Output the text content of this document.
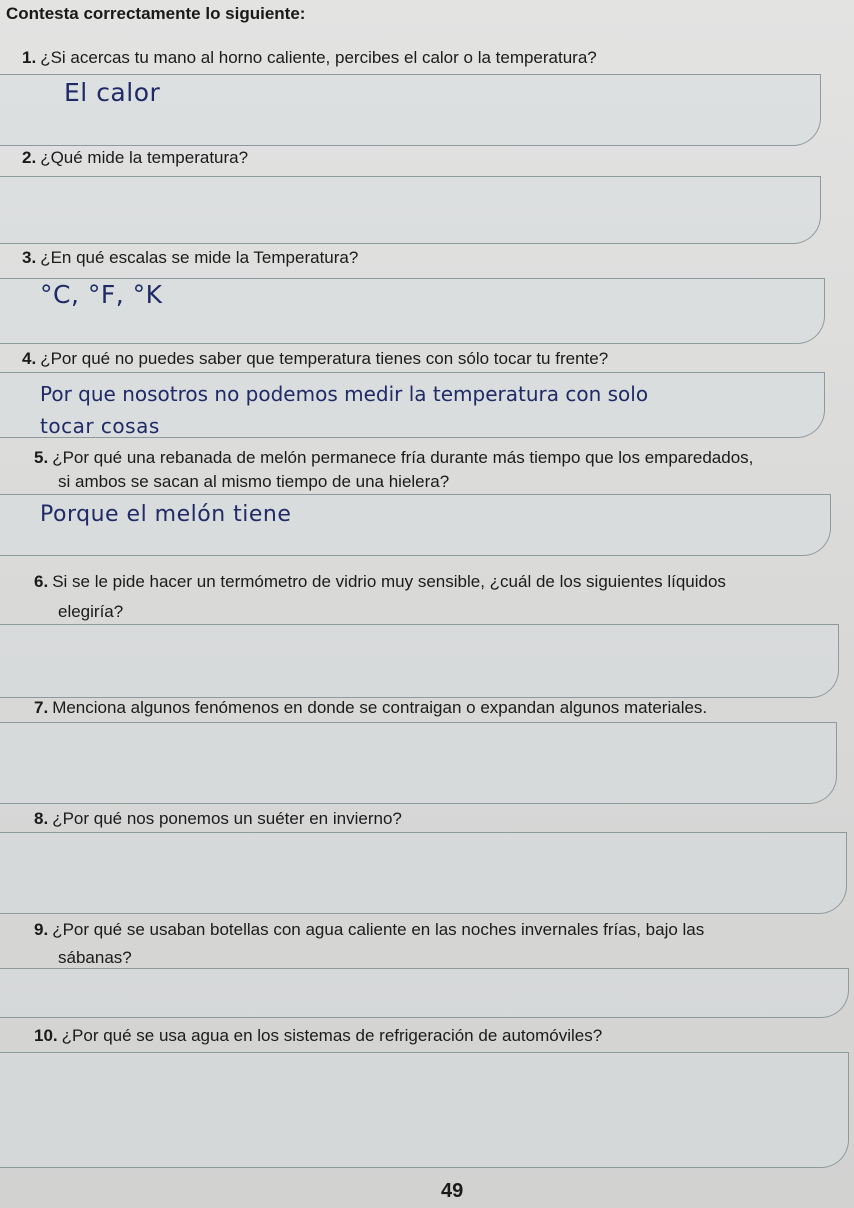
Contesta correctamente lo siguiente:
1. ¿Si acercas tu mano al horno caliente, percibes el calor o la temperatura?
El calor
2. ¿Qué mide la temperatura?
3. ¿En qué escalas se mide la Temperatura?
°C, °F, °K
4. ¿Por qué no puedes saber que temperatura tienes con sólo tocar tu frente?
Por que nosotros no podemos medir la temperatura con solo
tocar cosas
5. ¿Por qué una rebanada de melón permanece fría durante más tiempo que los emparedados,
si ambos se sacan al mismo tiempo de una hielera?
Porque el melón tiene
6. Si se le pide hacer un termómetro de vidrio muy sensible, ¿cuál de los siguientes líquidos
elegiría?
7. Menciona algunos fenómenos en donde se contraigan o expandan algunos materiales.
8. ¿Por qué nos ponemos un suéter en invierno?
9. ¿Por qué se usaban botellas con agua caliente en las noches invernales frías, bajo las
sábanas?
10. ¿Por qué se usa agua en los sistemas de refrigeración de automóviles?
49
